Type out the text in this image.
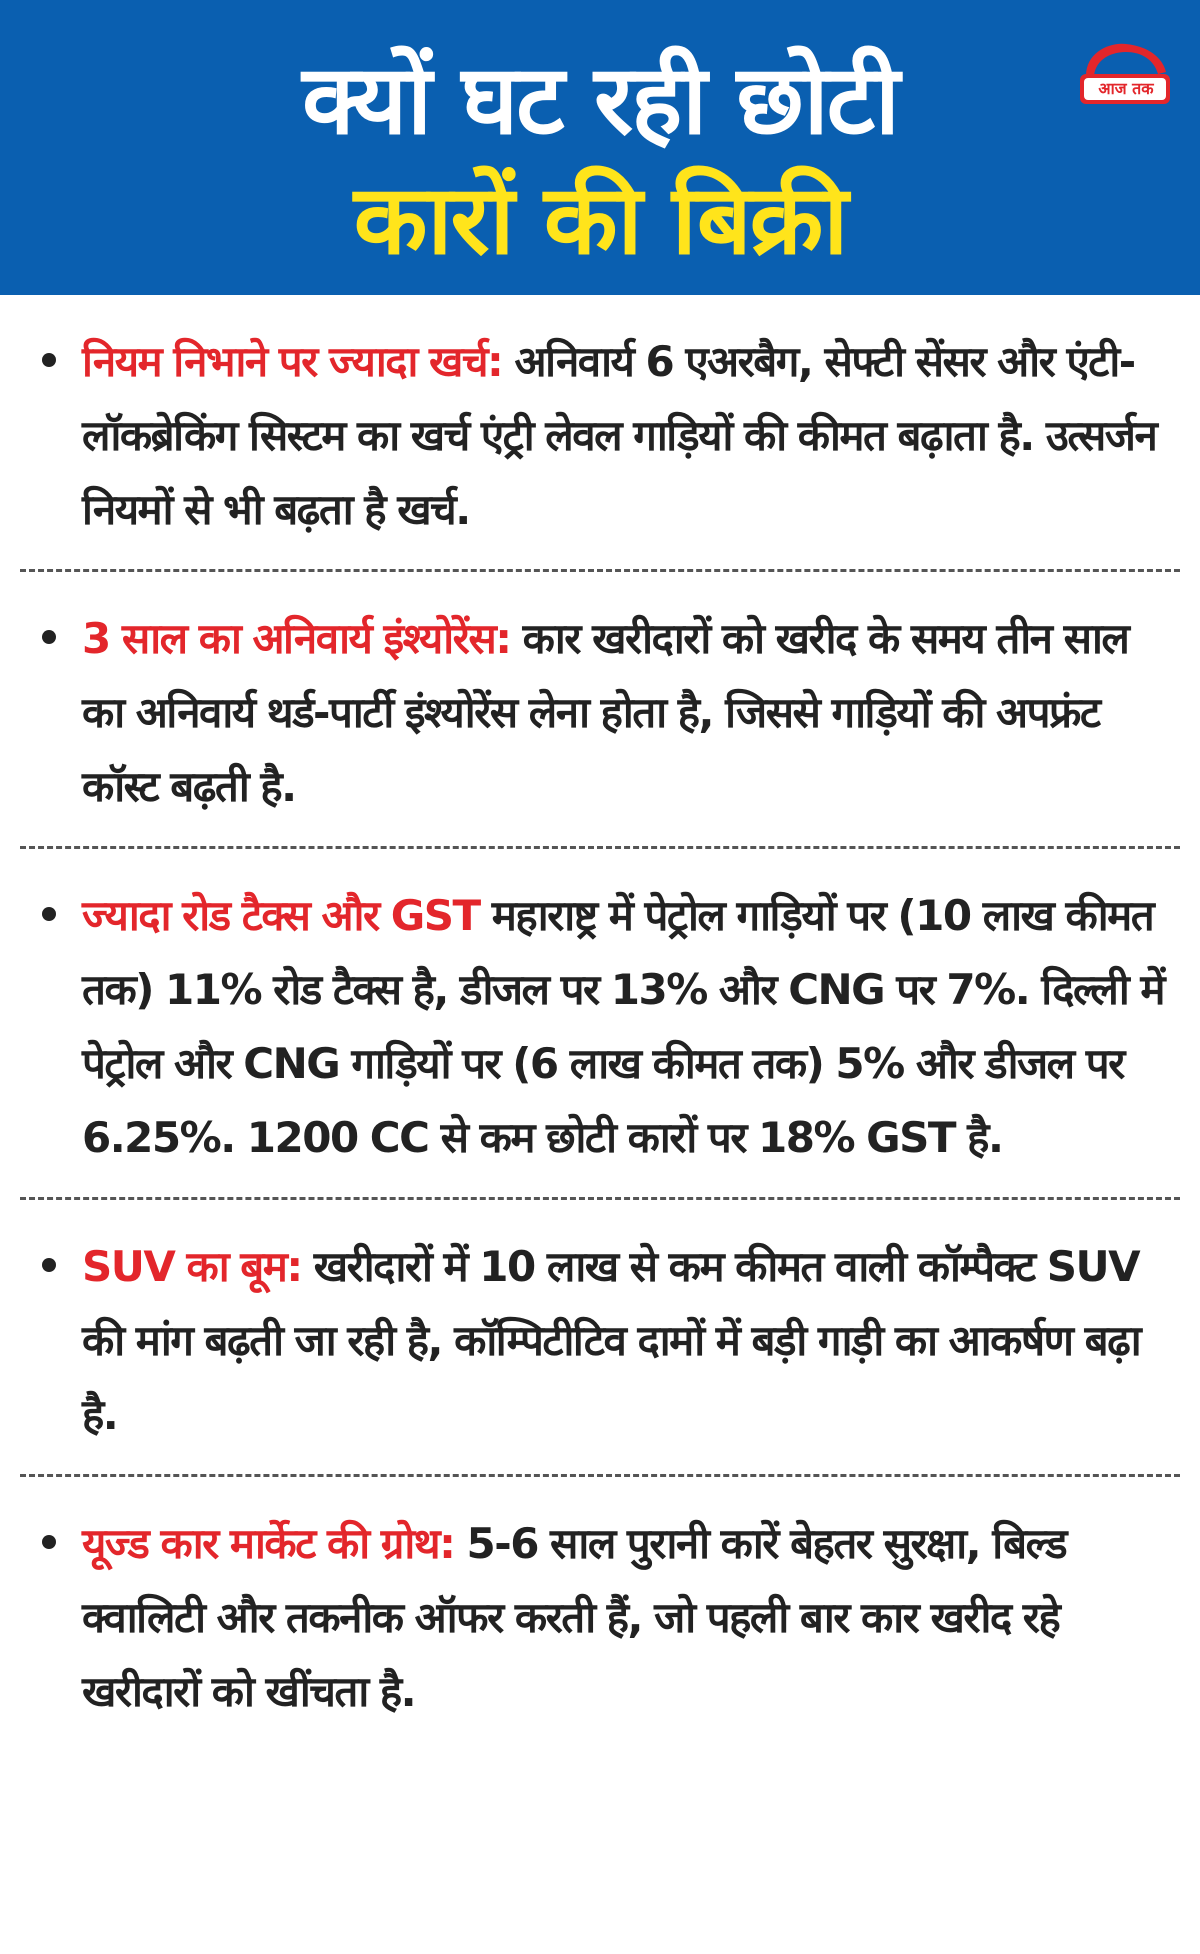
क्यों घट रही छोटी
कारों की बिक्री
आज तक
नियम निभाने पर ज्यादा खर्च: अनिवार्य 6 एअरबैग, सेफ्टी सेंसर और एंटी-लॉकब्रेकिंग सिस्टम का खर्च एंट्री लेवल गाड़ियों की कीमत बढ़ाता है. उत्सर्जन नियमों से भी बढ़ता है खर्च.
3 साल का अनिवार्य इंश्योरेंस: कार खरीदारों को खरीद के समय तीन साल का अनिवार्य थर्ड-पार्टी इंश्योरेंस लेना होता है, जिससे गाड़ियों की अपफ्रंट कॉस्ट बढ़ती है.
ज्यादा रोड टैक्स और GST महाराष्ट्र में पेट्रोल गाड़ियों पर (10 लाख कीमत तक) 11% रोड टैक्स है, डीजल पर 13% और CNG पर 7%. दिल्ली में पेट्रोल और CNG गाड़ियों पर (6 लाख कीमत तक) 5% और डीजल पर 6.25%. 1200 CC से कम छोटी कारों पर 18% GST है.
SUV का बूम: खरीदारों में 10 लाख से कम कीमत वाली कॉम्पैक्ट SUV की मांग बढ़ती जा रही है, कॉम्पिटीटिव दामों में बड़ी गाड़ी का आकर्षण बढ़ा है.
यूज्ड कार मार्केट की ग्रोथ: 5-6 साल पुरानी कारें बेहतर सुरक्षा, बिल्ड क्वालिटी और तकनीक ऑफर करती हैं, जो पहली बार कार खरीद रहे खरीदारों को खींचता है.
